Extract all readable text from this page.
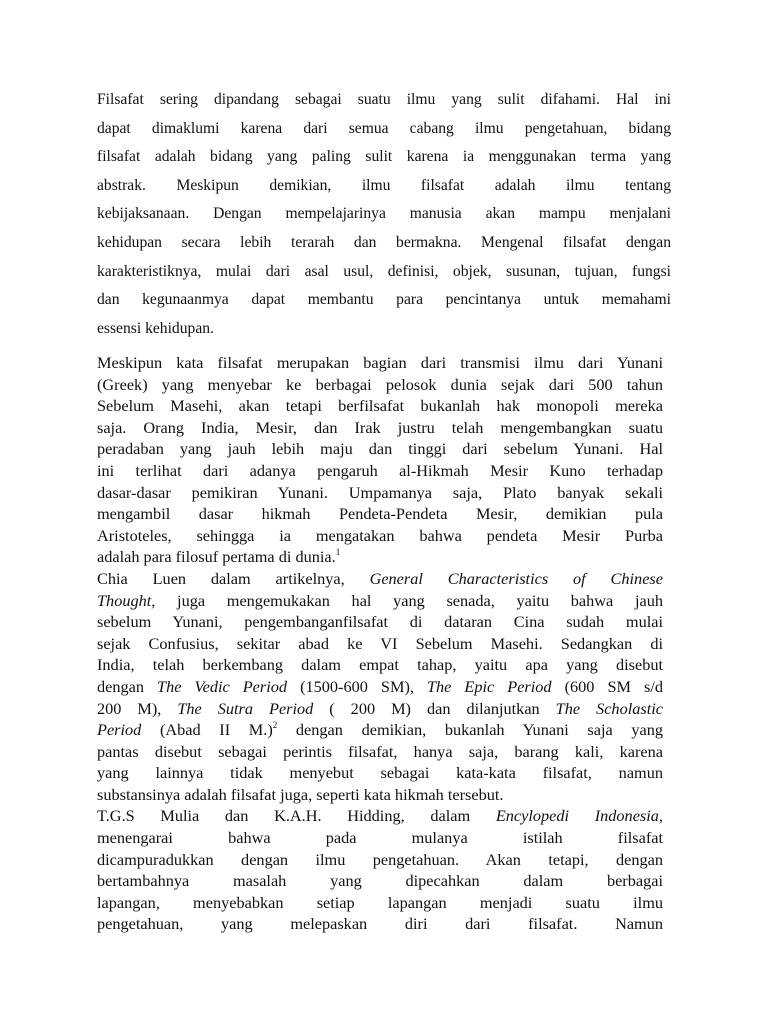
Filsafat sering dipandang sebagai suatu ilmu yang sulit difahami. Hal ini
dapat dimaklumi karena dari semua cabang ilmu pengetahuan, bidang
filsafat adalah bidang yang paling sulit karena ia menggunakan terma yang
abstrak. Meskipun demikian, ilmu filsafat adalah ilmu tentang
kebijaksanaan. Dengan mempelajarinya manusia akan mampu menjalani
kehidupan secara lebih terarah dan bermakna. Mengenal filsafat dengan
karakteristiknya, mulai dari asal usul, definisi, objek, susunan, tujuan, fungsi
dan kegunaanmya dapat membantu para pencintanya untuk memahami
essensi kehidupan.
Meskipun kata filsafat merupakan bagian dari transmisi ilmu dari Yunani
(Greek) yang menyebar ke berbagai pelosok dunia sejak dari 500 tahun
Sebelum Masehi, akan tetapi berfilsafat bukanlah hak monopoli mereka
saja. Orang India, Mesir, dan Irak justru telah mengembangkan suatu
peradaban yang jauh lebih maju dan tinggi dari sebelum Yunani. Hal
ini terlihat dari adanya pengaruh al-Hikmah Mesir Kuno terhadap
dasar-dasar pemikiran Yunani. Umpamanya saja, Plato banyak sekali
mengambil dasar hikmah Pendeta-Pendeta Mesir, demikian pula
Aristoteles, sehingga ia mengatakan bahwa pendeta Mesir Purba
adalah para filosuf pertama di dunia.$^1$
Chia Luen dalam artikelnya, General Characteristics of Chinese
Thought, juga mengemukakan hal yang senada, yaitu bahwa jauh
sebelum Yunani, pengembanganfilsafat di dataran Cina sudah mulai
sejak Confusius, sekitar abad ke VI Sebelum Masehi. Sedangkan di
India, telah berkembang dalam empat tahap, yaitu apa yang disebut
dengan The Vedic Period (1500-600 SM), The Epic Period (600 SM s/d
200 M), The Sutra Period ( 200 M) dan dilanjutkan The Scholastic
Period (Abad II M.)$^2$ dengan demikian, bukanlah Yunani saja yang
pantas disebut sebagai perintis filsafat, hanya saja, barang kali, karena
yang lainnya tidak menyebut sebagai kata-kata filsafat, namun
substansinya adalah filsafat juga, seperti kata hikmah tersebut.
T.G.S Mulia dan K.A.H. Hidding, dalam Encylopedi Indonesia,
menengarai bahwa pada mulanya istilah filsafat
dicampuradukkan dengan ilmu pengetahuan. Akan tetapi, dengan
bertambahnya masalah yang dipecahkan dalam berbagai
lapangan, menyebabkan setiap lapangan menjadi suatu ilmu
pengetahuan, yang melepaskan diri dari filsafat. Namun
